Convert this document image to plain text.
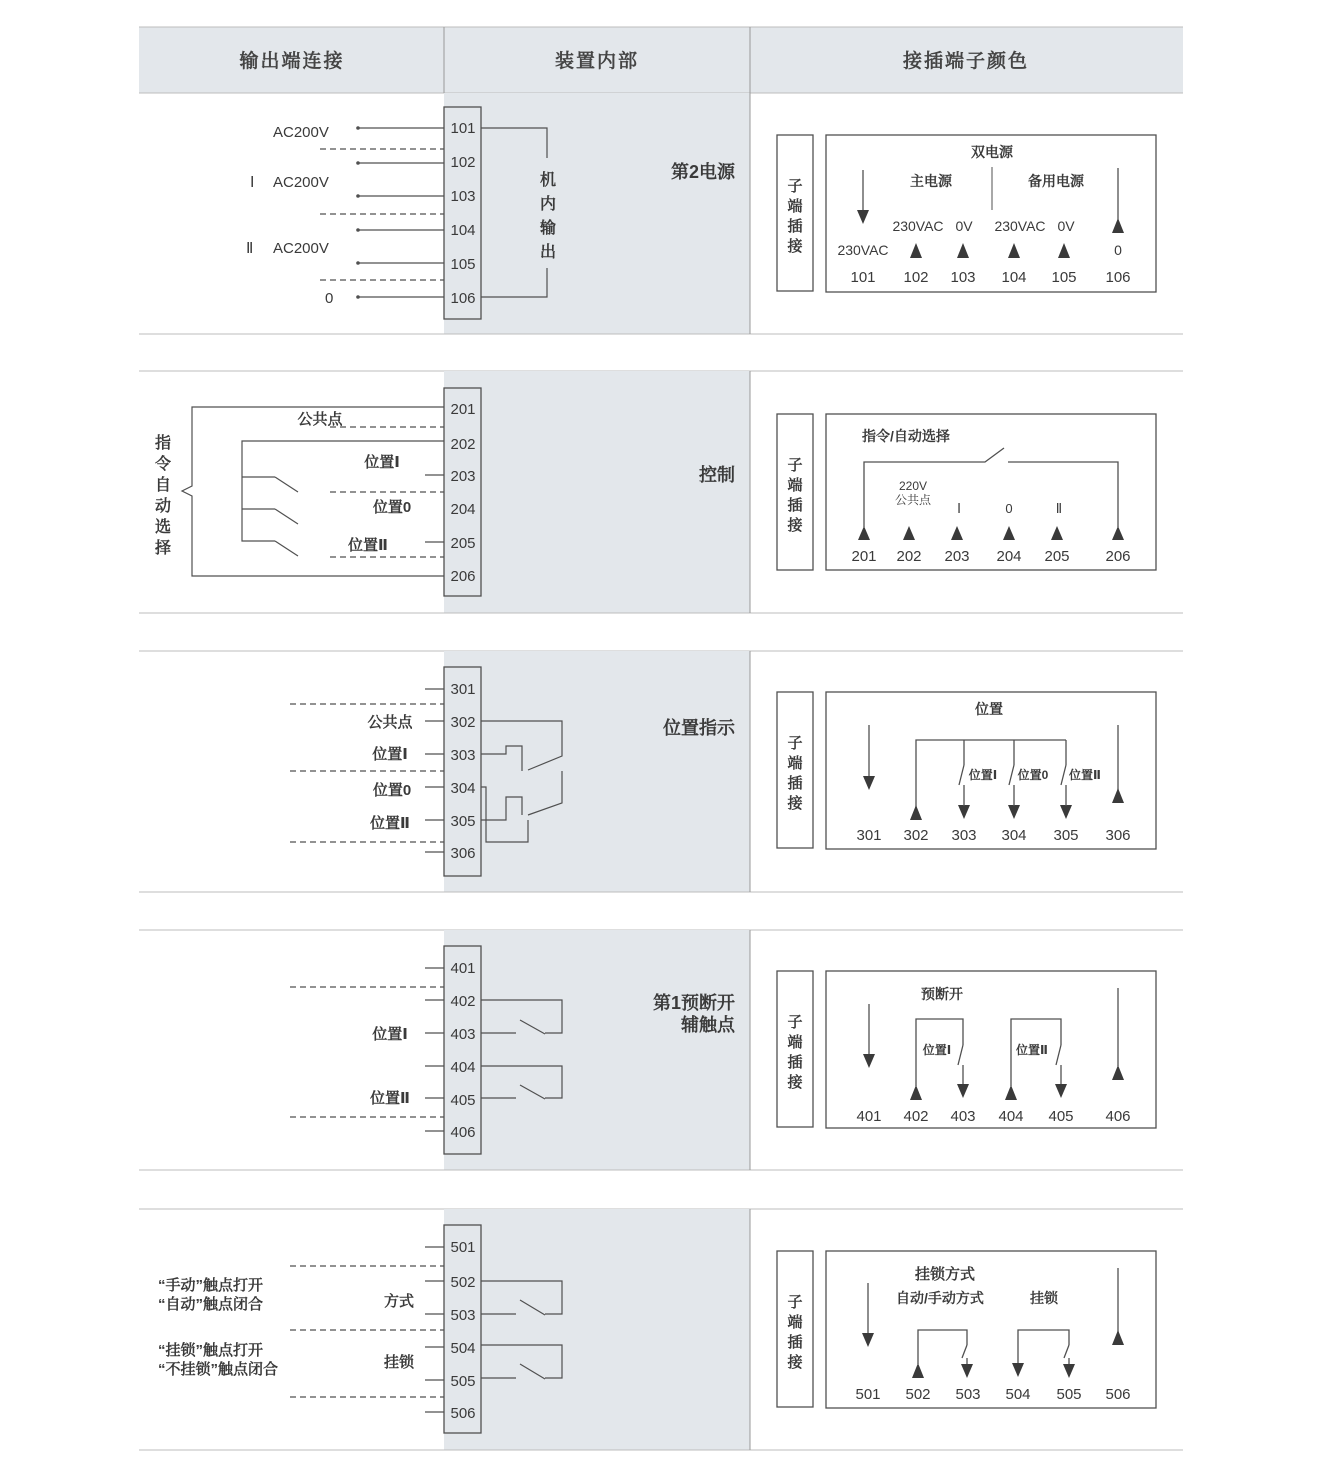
输出端连接	装置内部	接插端子颜色
101
102
103
104
105
106
AC200V
Ⅰ AC200V
Ⅱ AC200V
0
机
内
输
出
第2电源
接
插
端
子
双电源
主电源	备用电源
230VAC
230VAC 0V 230VAC 0V
0
101 102 103 104 105 106
201
202
203
204
205
206
公共点
位置Ⅰ
位置0
位置Ⅱ
指
令
自
动
选
择
控制
接
插
端
子
指令/自动选择
220V
公共点
Ⅰ	0	Ⅱ
201 202 203 204 205 206
301
302
303
304
305
306
公共点
位置Ⅰ
位置0
位置Ⅱ
位置指示
接
插
端
子
位置
位置Ⅰ 位置0 位置Ⅱ
301 302 303 304 305 306
401
402
403
404
405
406
位置Ⅰ
位置Ⅱ
第1预断开
辅触点
接
插
端
子
预断开
位置Ⅰ	位置Ⅱ
401 402 403 404 405 406
501
502
503
504
505
506
“手动”触点打开
“自动”触点闭合	方式
“挂锁”触点打开
“不挂锁”触点闭合	挂锁	接
插
端
子
挂锁方式
自动/手动方式	挂锁
501 502 503 504 505 506
